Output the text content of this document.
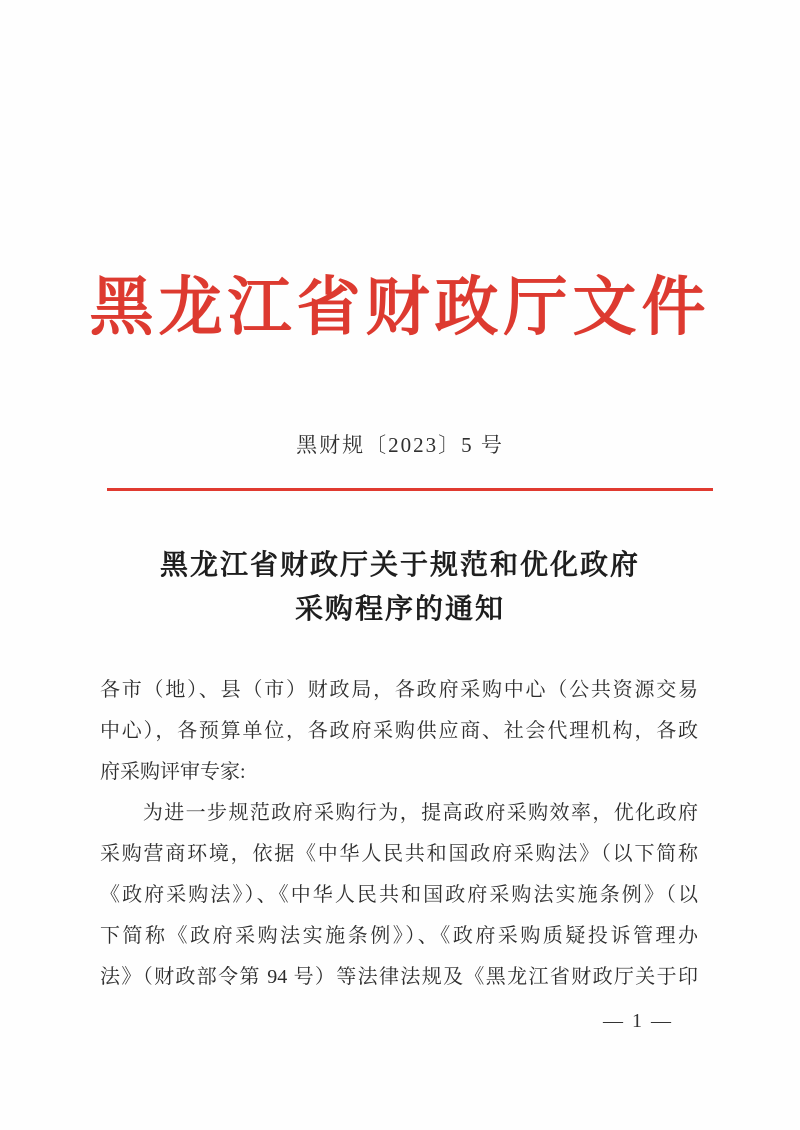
黑龙江省财政厅文件
黑财规〔2023〕5 号
黑龙江省财政厅关于规范和优化政府
采购程序的通知
各市（地）、县（市）财政局，各政府采购中心（公共资源交易
中心），各预算单位，各政府采购供应商、社会代理机构，各政
府采购评审专家:
　　为进一步规范政府采购行为，提高政府采购效率，优化政府
采购营商环境，依据《中华人民共和国政府采购法》（以下简称
《政府采购法》）、《中华人民共和国政府采购法实施条例》（以
下简称《政府采购法实施条例》）、《政府采购质疑投诉管理办
法》（财政部令第 94 号）等法律法规及《黑龙江省财政厅关于印
— 1 —
